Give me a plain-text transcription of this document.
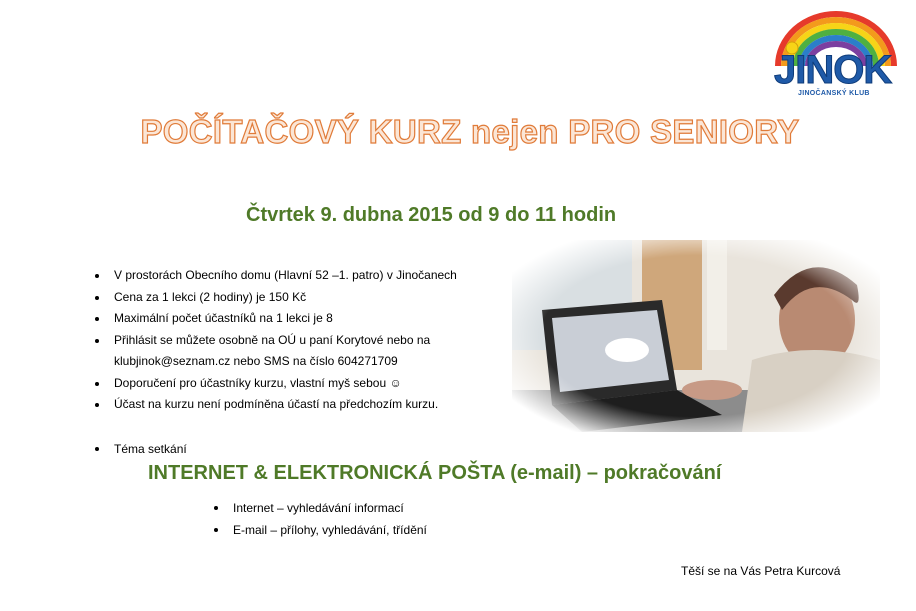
JINOK
JINOČANSKÝ KLUB
POČÍTAČOVÝ KURZ nejen PRO SENIORY
Čtvrtek 9. dubna 2015 od 9 do 11 hodin
V prostorách Obecního domu (Hlavní 52 –1. patro) v Jinočanech
Cena za 1 lekci (2 hodiny) je 150 Kč
Maximální počet účastníků na 1 lekci je 8
Přihlásit se můžete osobně na OÚ u paní Korytové nebo na
klubjinok@seznam.cz nebo SMS na číslo 604271709
Doporučení pro účastníky kurzu, vlastní myš sebou ☺
Účast na kurzu není podmíněna účastí na předchozím kurzu.
Téma setkání
INTERNET & ELEKTRONICKÁ POŠTA (e-mail) – pokračování
Internet – vyhledávání informací
E-mail – přílohy, vyhledávání, třídění
Těší se na Vás Petra Kurcová
